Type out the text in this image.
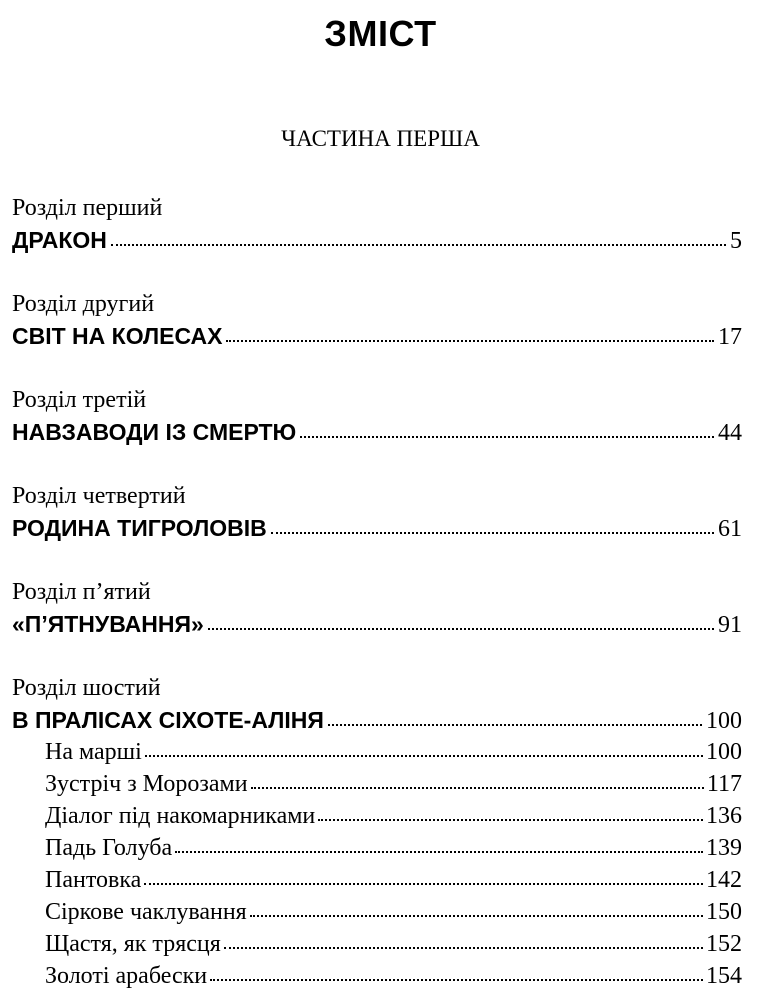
ЗМІСТ
ЧАСТИНА ПЕРША
Розділ перший
ДРАКОН	5
Розділ другий
СВІТ НА КОЛЕСАХ	17
Розділ третій
НАВЗАВОДИ ІЗ СМЕРТЮ	44
Розділ четвертий
РОДИНА ТИГРОЛОВІВ	61
Розділ п’ятий
«П’ЯТНУВАННЯ»	91
Розділ шостий
В ПРАЛІСАХ СІХОТЕ-АЛІНЯ	100
На марші	100
Зустріч з Морозами	117
Діалог під накомарниками	136
Падь Голуба	139
Пантовка	142
Сіркове чаклування	150
Щастя, як трясця	152
Золоті арабески	154
